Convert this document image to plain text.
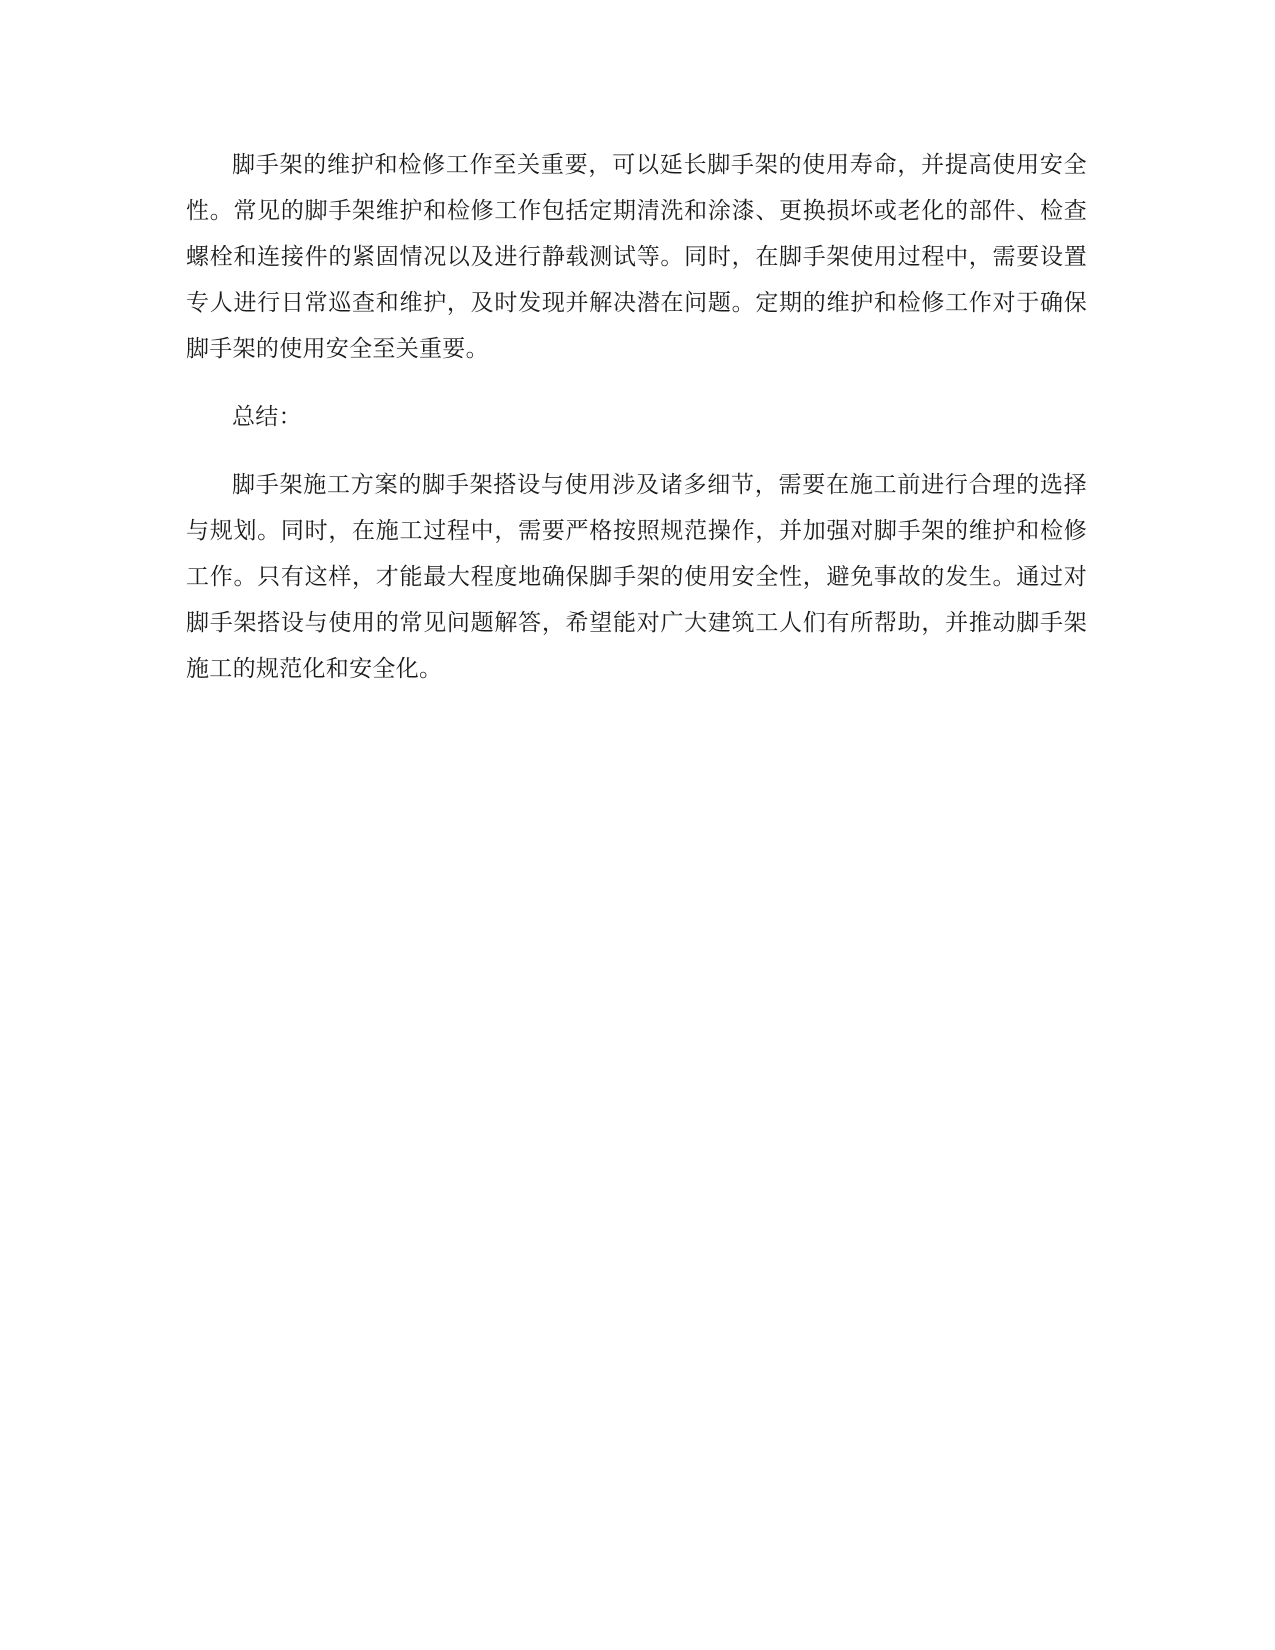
脚手架的维护和检修工作至关重要，可以延长脚手架的使用寿命，并提高使用安全性。常见的脚手架维护和检修工作包括定期清洗和涂漆、更换损坏或老化的部件、检查螺栓和连接件的紧固情况以及进行静载测试等。同时，在脚手架使用过程中，需要设置专人进行日常巡查和维护，及时发现并解决潜在问题。定期的维护和检修工作对于确保脚手架的使用安全至关重要。

总结：

脚手架施工方案的脚手架搭设与使用涉及诸多细节，需要在施工前进行合理的选择与规划。同时，在施工过程中，需要严格按照规范操作，并加强对脚手架的维护和检修工作。只有这样，才能最大程度地确保脚手架的使用安全性，避免事故的发生。通过对脚手架搭设与使用的常见问题解答，希望能对广大建筑工人们有所帮助，并推动脚手架施工的规范化和安全化。
